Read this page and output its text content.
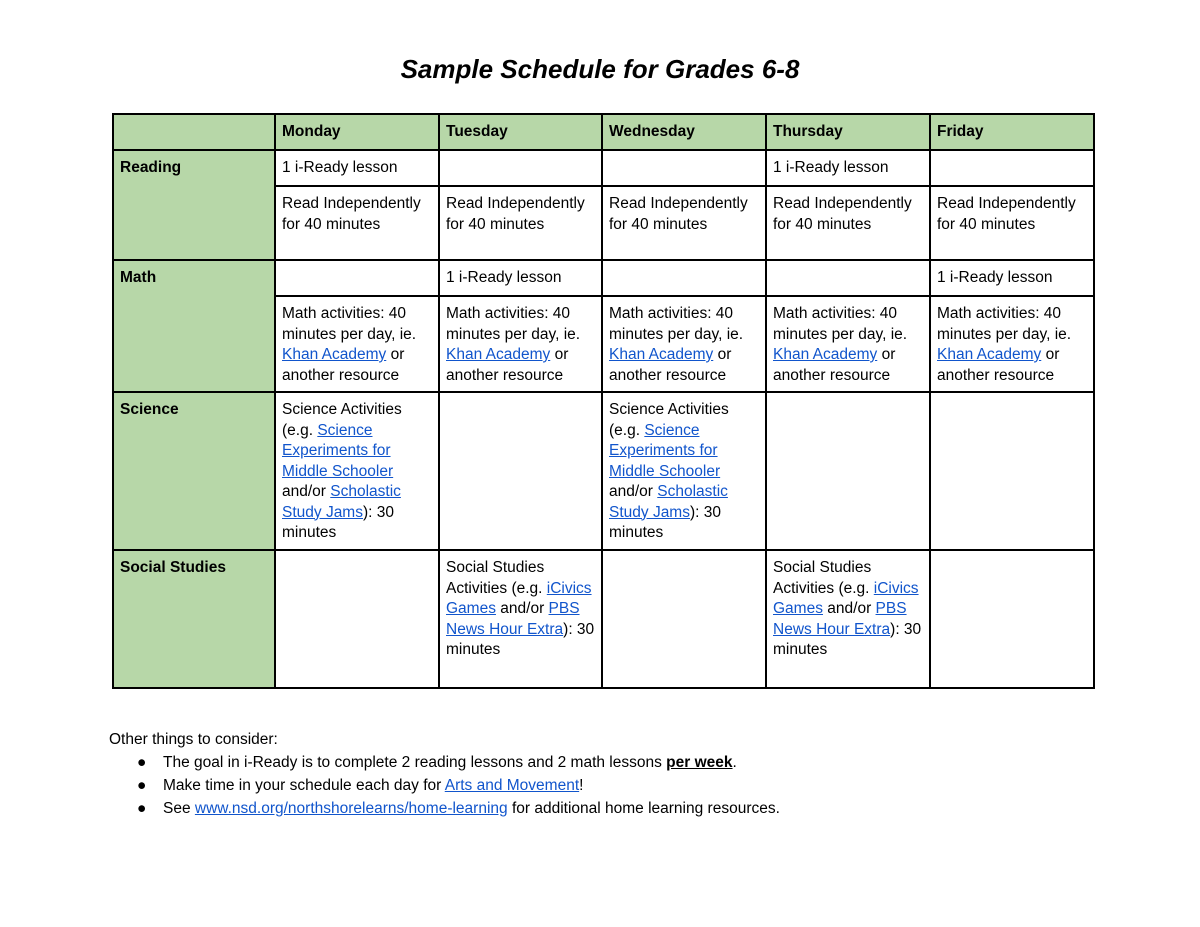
Sample Schedule for Grades 6-8
	Monday	Tuesday	Wednesday	Thursday	Friday
Reading	1 i-Ready lesson			1 i-Ready lesson	
	Read Independently for 40 minutes	Read Independently for 40 minutes	Read Independently for 40 minutes	Read Independently for 40 minutes	Read Independently for 40 minutes
Math		1 i-Ready lesson			1 i-Ready lesson
	Math activities: 40 minutes per day, ie. Khan Academy or another resource	Math activities: 40 minutes per day, ie. Khan Academy or another resource	Math activities: 40 minutes per day, ie. Khan Academy or another resource	Math activities: 40 minutes per day, ie. Khan Academy or another resource	Math activities: 40 minutes per day, ie. Khan Academy or another resource
Science	Science Activities (e.g. Science Experiments for Middle Schooler and/or Scholastic Study Jams): 30 minutes		Science Activities (e.g. Science Experiments for Middle Schooler and/or Scholastic Study Jams): 30 minutes		
Social Studies		Social Studies Activities (e.g. iCivics Games and/or PBS News Hour Extra): 30 minutes		Social Studies Activities (e.g. iCivics Games and/or PBS News Hour Extra): 30 minutes	
Other things to consider:
● The goal in i-Ready is to complete 2 reading lessons and 2 math lessons per week.
● Make time in your schedule each day for Arts and Movement!
● See www.nsd.org/northshorelearns/home-learning for additional home learning resources.
